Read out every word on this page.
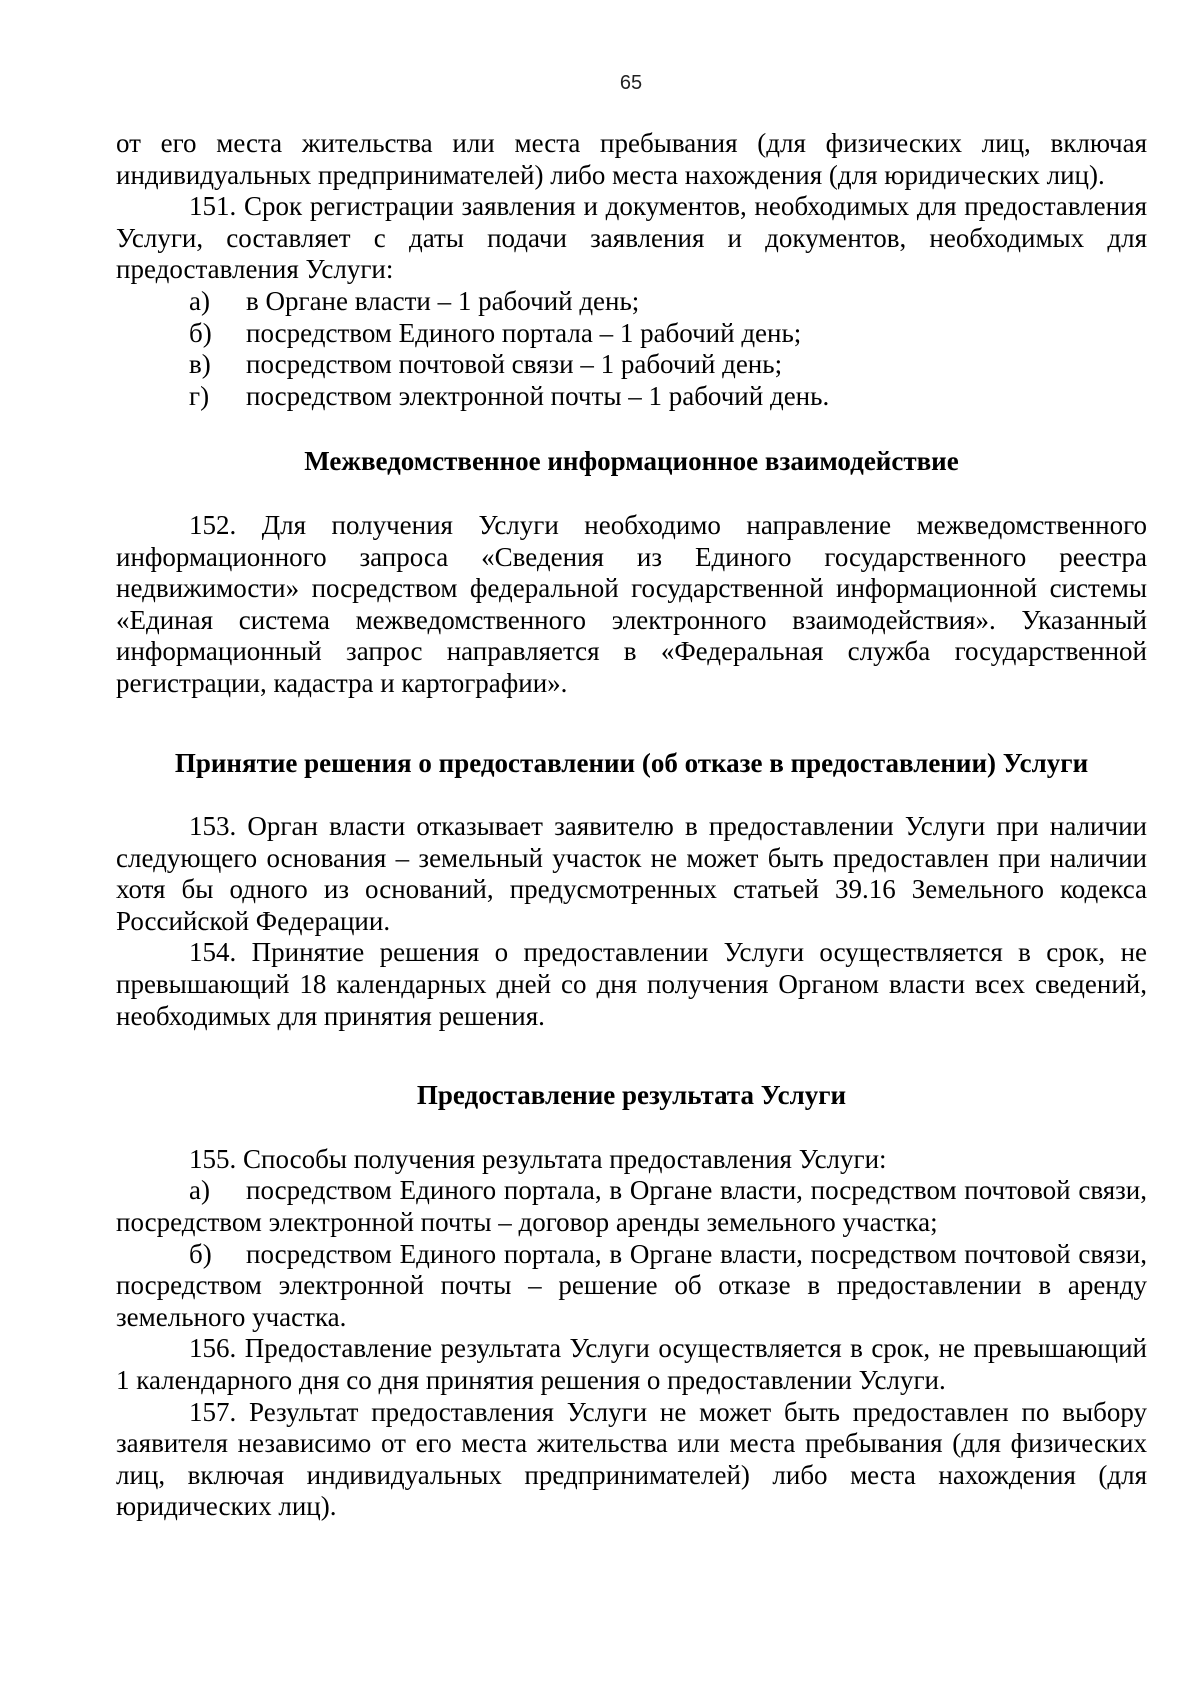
65

от его места жительства или места пребывания (для физических лиц, включая индивидуальных предпринимателей) либо места нахождения (для юридических лиц).

151. Срок регистрации заявления и документов, необходимых для предоставления Услуги, составляет с даты подачи заявления и документов, необходимых для предоставления Услуги:

а)	в Органе власти – 1 рабочий день;
б)	посредством Единого портала – 1 рабочий день;
в)	посредством почтовой связи – 1 рабочий день;
г)	посредством электронной почты – 1 рабочий день.
Межведомственное информационное взаимодействие

152. Для получения Услуги необходимо направление межведомственного информационного запроса «Сведения из Единого государственного реестра недвижимости» посредством федеральной государственной информационной системы «Единая система межведомственного электронного взаимодействия». Указанный информационный запрос направляется в «Федеральная служба государственной регистрации, кадастра и картографии».

Принятие решения о предоставлении (об отказе в предоставлении) Услуги

153. Орган власти отказывает заявителю в предоставлении Услуги при наличии следующего основания – земельный участок не может быть предоставлен при наличии хотя бы одного из оснований, предусмотренных статьей 39.16 Земельного кодекса Российской Федерации.

154. Принятие решения о предоставлении Услуги осуществляется в срок, не превышающий 18 календарных дней со дня получения Органом власти всех сведений, необходимых для принятия решения.

Предоставление результата Услуги

155. Способы получения результата предоставления Услуги:

а) посредством Единого портала, в Органе власти, посредством почтовой связи, посредством электронной почты – договор аренды земельного участка;

б) посредством Единого портала, в Органе власти, посредством почтовой связи, посредством электронной почты – решение об отказе в предоставлении в аренду земельного участка.

156. Предоставление результата Услуги осуществляется в срок, не превышающий 1 календарного дня со дня принятия решения о предоставлении Услуги.

157. Результат предоставления Услуги не может быть предоставлен по выбору заявителя независимо от его места жительства или места пребывания (для физических лиц, включая индивидуальных предпринимателей) либо места нахождения (для юридических лиц).
